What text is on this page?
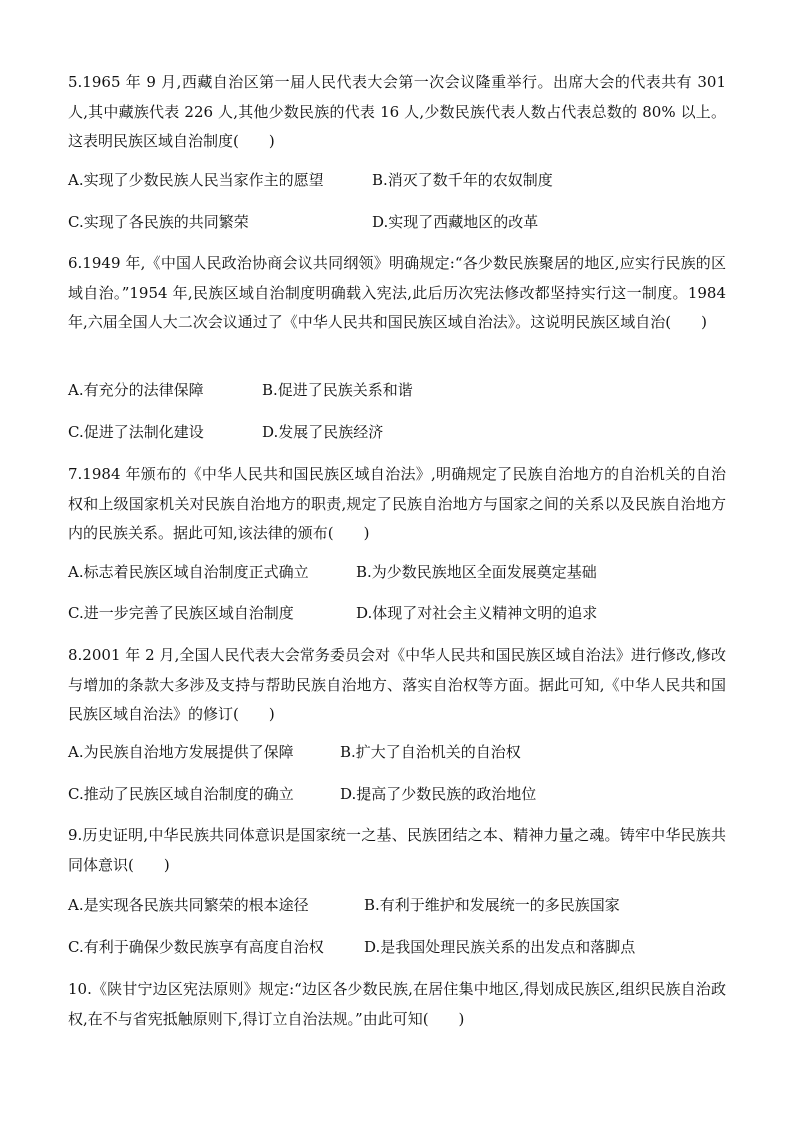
5.1965 年 9 月,西藏自治区第一届人民代表大会第一次会议隆重举行。出席大会的代表共有 301 人,其中藏族代表 226 人,其他少数民族的代表 16 人,少数民族代表人数占代表总数的 80% 以上。这表明民族区域自治制度(　　)

A.实现了少数民族人民当家作主的愿望	B.消灭了数千年的农奴制度
C.实现了各民族的共同繁荣	D.实现了西藏地区的改革

6.1949 年,《中国人民政治协商会议共同纲领》明确规定:“各少数民族聚居的地区,应实行民族的区域自治。”1954 年,民族区域自治制度明确载入宪法,此后历次宪法修改都坚持实行这一制度。1984 年,六届全国人大二次会议通过了《中华人民共和国民族区域自治法》。这说明民族区域自治(　　)

A.有充分的法律保障	B.促进了民族关系和谐
C.促进了法制化建设	D.发展了民族经济

7.1984 年颁布的《中华人民共和国民族区域自治法》,明确规定了民族自治地方的自治机关的自治权和上级国家机关对民族自治地方的职责,规定了民族自治地方与国家之间的关系以及民族自治地方内的民族关系。据此可知,该法律的颁布(　　)

A.标志着民族区域自治制度正式确立	B.为少数民族地区全面发展奠定基础
C.进一步完善了民族区域自治制度	D.体现了对社会主义精神文明的追求

8.2001 年 2 月,全国人民代表大会常务委员会对《中华人民共和国民族区域自治法》进行修改,修改与增加的条款大多涉及支持与帮助民族自治地方、落实自治权等方面。据此可知,《中华人民共和国民族区域自治法》的修订(　　)

A.为民族自治地方发展提供了保障	B.扩大了自治机关的自治权
C.推动了民族区域自治制度的确立	D.提高了少数民族的政治地位

9.历史证明,中华民族共同体意识是国家统一之基、民族团结之本、精神力量之魂。铸牢中华民族共同体意识(　　)

A.是实现各民族共同繁荣的根本途径	B.有利于维护和发展统一的多民族国家
C.有利于确保少数民族享有高度自治权	D.是我国处理民族关系的出发点和落脚点

10.《陕甘宁边区宪法原则》规定:“边区各少数民族,在居住集中地区,得划成民族区,组织民族自治政权,在不与省宪抵触原则下,得订立自治法规。”由此可知(　　)
